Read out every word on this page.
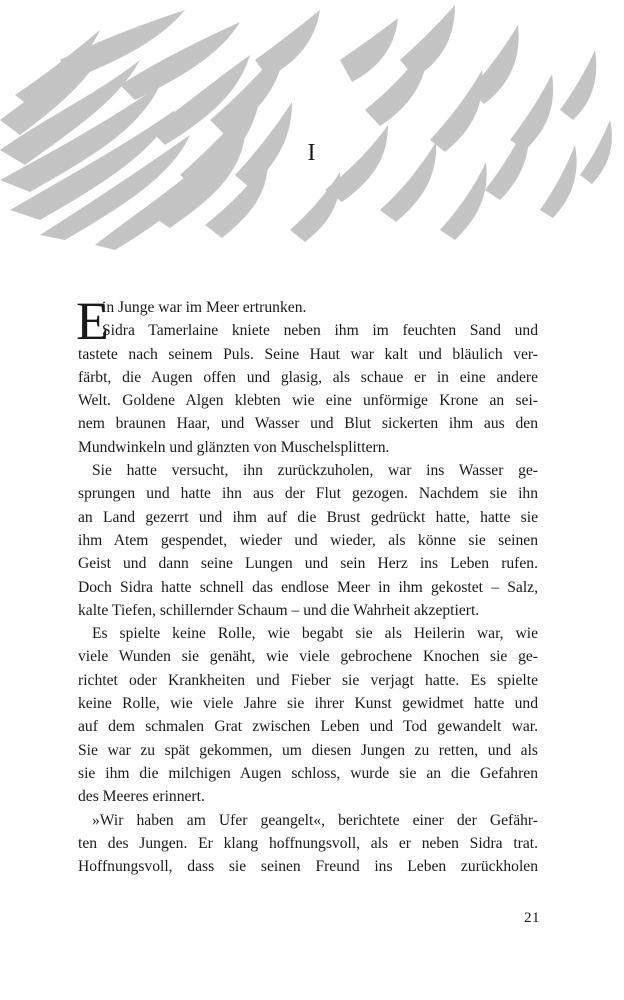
I
E
in Junge war im Meer ertrunken.
Sidra Tamerlaine kniete neben ihm im feuchten Sand und
tastete nach seinem Puls. Seine Haut war kalt und bläulich ver-
färbt, die Augen offen und glasig, als schaue er in eine andere
Welt. Goldene Algen klebten wie eine unförmige Krone an sei-
nem braunen Haar, und Wasser und Blut sickerten ihm aus den
Mundwinkeln und glänzten von Muschelsplittern.
Sie hatte versucht, ihn zurückzuholen, war ins Wasser ge-
sprungen und hatte ihn aus der Flut gezogen. Nachdem sie ihn
an Land gezerrt und ihm auf die Brust gedrückt hatte, hatte sie
ihm Atem gespendet, wieder und wieder, als könne sie seinen
Geist und dann seine Lungen und sein Herz ins Leben rufen.
Doch Sidra hatte schnell das endlose Meer in ihm gekostet – Salz,
kalte Tiefen, schillernder Schaum – und die Wahrheit akzeptiert.
Es spielte keine Rolle, wie begabt sie als Heilerin war, wie
viele Wunden sie genäht, wie viele gebrochene Knochen sie ge-
richtet oder Krankheiten und Fieber sie verjagt hatte. Es spielte
keine Rolle, wie viele Jahre sie ihrer Kunst gewidmet hatte und
auf dem schmalen Grat zwischen Leben und Tod gewandelt war.
Sie war zu spät gekommen, um diesen Jungen zu retten, und als
sie ihm die milchigen Augen schloss, wurde sie an die Gefahren
des Meeres erinnert.
»Wir haben am Ufer geangelt«, berichtete einer der Gefähr-
ten des Jungen. Er klang hoffnungsvoll, als er neben Sidra trat.
Hoffnungsvoll, dass sie seinen Freund ins Leben zurückholen
21
